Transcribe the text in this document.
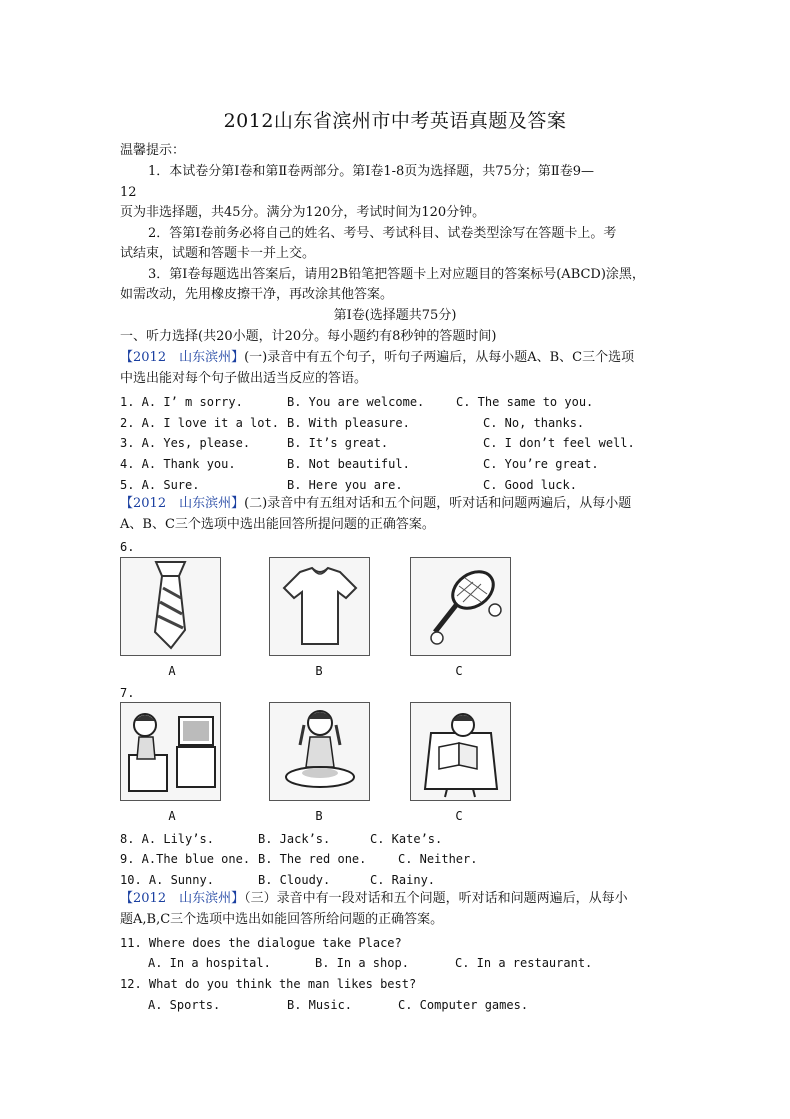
2012山东省滨州市中考英语真题及答案
温馨提示：
1．本试卷分第Ⅰ卷和第Ⅱ卷两部分。第Ⅰ卷1-8页为选择题，共75分；第Ⅱ卷9—
12
页为非选择题，共45分。满分为120分，考试时间为120分钟。
2．答第Ⅰ卷前务必将自己的姓名、考号、考试科目、试卷类型涂写在答题卡上。考
试结束，试题和答题卡一并上交。
3．第Ⅰ卷每题选出答案后，请用2B铅笔把答题卡上对应题目的答案标号(ABCD)涂黑，
如需改动，先用橡皮擦干净，再改涂其他答案。
第Ⅰ卷(选择题共75分)
一、听力选择(共20小题，计20分。每小题约有8秒钟的答题时间)
【2012　山东滨州】(一)录音中有五个句子，听句子两遍后，从每小题A、B、C三个选项
中选出能对每个句子做出适当反应的答语。
1. A. I’ m sorry.	B. You are welcome.	C. The same to you.
2. A. I love it a lot. B. With pleasure.	C. No, thanks.
3. A. Yes, please.	B. It’s great.	C. I don’t feel well.
4. A. Thank you.	B. Not beautiful.	C. You’re great.
5. A. Sure.	B. Here you are.	C. Good luck.
【2012　山东滨州】(二)录音中有五组对话和五个问题，听对话和问题两遍后，从每小题
A、B、C三个选项中选出能回答所提问题的正确答案。
6.
A	B	C
7.
A	B	C
8. A. Lily’s.	B. Jack’s.	C. Kate’s.
9. A.The blue one. B. The red one.	C. Neither.
10. A. Sunny.	B. Cloudy.	C. Rainy.
【2012　山东滨州】（三）录音中有一段对话和五个问题，听对话和问题两遍后，从每小
题A,B,C三个选项中选出如能回答所给问题的正确答案。
11. Where does the dialogue take Place?
A. In a hospital.	B. In a shop.	C. In a restaurant.
12. What do you think the man likes best?
A. Sports.	B. Music.	C. Computer games.
